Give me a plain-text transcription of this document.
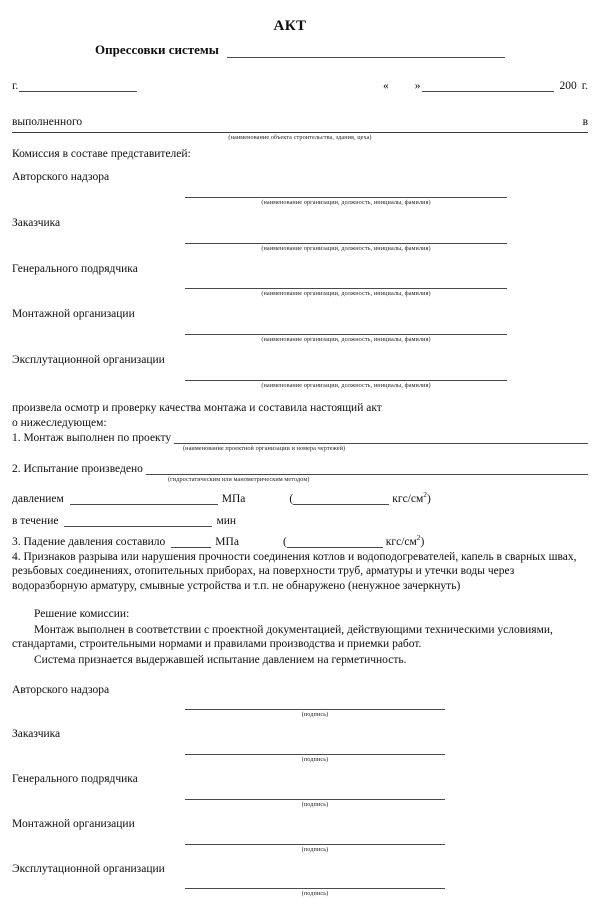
АКТ
Опрессовки системы
г.	« »	200 г.
выполненного	в
(наименование объекта строительства, здания, цеха)
Комиссия в составе представителей:
Авторского надзора
(наименование организации, должность, инициалы, фамилия)
Заказчика
(наименование организации, должность, инициалы, фамилия)
Генерального подрядчика
(наименование организации, должность, инициалы, фамилия)
Монтажной организации
(наименование организации, должность, инициалы, фамилия)
Эксплутационной организации
(наименование организации, должность, инициалы, фамилия)
произвела осмотр и проверку качества монтажа и составила настоящий акт
о нижеследующем:
1. Монтаж выполнен по проекту
(наименование проектной организации и номера чертежей)
2. Испытание произведено
(гидростатическим или манометрическим методом)
давлением	МПа	(	кгс/$см^2$ )
в течение	мин
3. Падение давления составило	МПа	(	кгс/$см^2$ )
4. Признаков разрыва или нарушения прочности соединения котлов и водоподогревателей, капель в сварных швах, резьбовых соединениях, отопительных приборах, на поверхности труб, арматуры и утечки воды через водоразборную арматуру, смывные устройства и т.п. не обнаружено (ненужное зачеркнуть)
Решение комиссии:
Монтаж выполнен в соответствии с проектной документацией, действующими техническими условиями, стандартами, строительными нормами и правилами производства и приемки работ.
Система признается выдержавшей испытание давлением на герметичность.
Авторского надзора
(подпись)
Заказчика
(подпись)
Генерального подрядчика
(подпись)
Монтажной организации
(подпись)
Эксплутационной организации
(подпись)
